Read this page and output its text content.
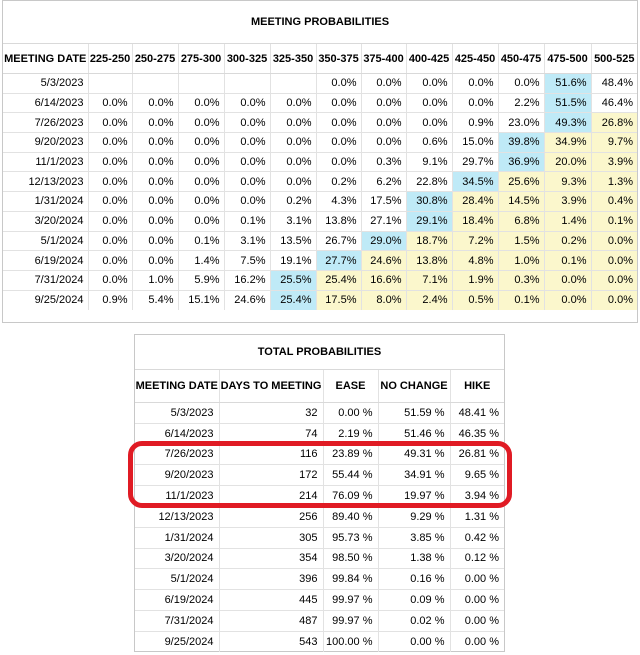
MEETING PROBABILITIES
MEETING DATE	225-250	250-275	275-300	300-325	325-350	350-375	375-400	400-425	425-450	450-475	475-500	500-525
5/3/2023						0.0%	0.0%	0.0%	0.0%	0.0%	51.6%	48.4%
6/14/2023	0.0%	0.0%	0.0%	0.0%	0.0%	0.0%	0.0%	0.0%	0.0%	2.2%	51.5%	46.4%
7/26/2023	0.0%	0.0%	0.0%	0.0%	0.0%	0.0%	0.0%	0.0%	0.9%	23.0%	49.3%	26.8%
9/20/2023	0.0%	0.0%	0.0%	0.0%	0.0%	0.0%	0.0%	0.6%	15.0%	39.8%	34.9%	9.7%
11/1/2023	0.0%	0.0%	0.0%	0.0%	0.0%	0.0%	0.3%	9.1%	29.7%	36.9%	20.0%	3.9%
12/13/2023	0.0%	0.0%	0.0%	0.0%	0.0%	0.2%	6.2%	22.8%	34.5%	25.6%	9.3%	1.3%
1/31/2024	0.0%	0.0%	0.0%	0.0%	0.2%	4.3%	17.5%	30.8%	28.4%	14.5%	3.9%	0.4%
3/20/2024	0.0%	0.0%	0.0%	0.1%	3.1%	13.8%	27.1%	29.1%	18.4%	6.8%	1.4%	0.1%
5/1/2024	0.0%	0.0%	0.1%	3.1%	13.5%	26.7%	29.0%	18.7%	7.2%	1.5%	0.2%	0.0%
6/19/2024	0.0%	0.0%	1.4%	7.5%	19.1%	27.7%	24.6%	13.8%	4.8%	1.0%	0.1%	0.0%
7/31/2024	0.0%	1.0%	5.9%	16.2%	25.5%	25.4%	16.6%	7.1%	1.9%	0.3%	0.0%	0.0%
9/25/2024	0.9%	5.4%	15.1%	24.6%	25.4%	17.5%	8.0%	2.4%	0.5%	0.1%	0.0%	0.0%
TOTAL PROBABILITIES
MEETING DATE	DAYS TO MEETING	EASE	NO CHANGE	HIKE
5/3/2023	32	0.00 %	51.59 %	48.41 %
6/14/2023	74	2.19 %	51.46 %	46.35 %
7/26/2023	116	23.89 %	49.31 %	26.81 %
9/20/2023	172	55.44 %	34.91 %	9.65 %
11/1/2023	214	76.09 %	19.97 %	3.94 %
12/13/2023	256	89.40 %	9.29 %	1.31 %
1/31/2024	305	95.73 %	3.85 %	0.42 %
3/20/2024	354	98.50 %	1.38 %	0.12 %
5/1/2024	396	99.84 %	0.16 %	0.00 %
6/19/2024	445	99.97 %	0.09 %	0.00 %
7/31/2024	487	99.97 %	0.02 %	0.00 %
9/25/2024	543	100.00 %	0.00 %	0.00 %
